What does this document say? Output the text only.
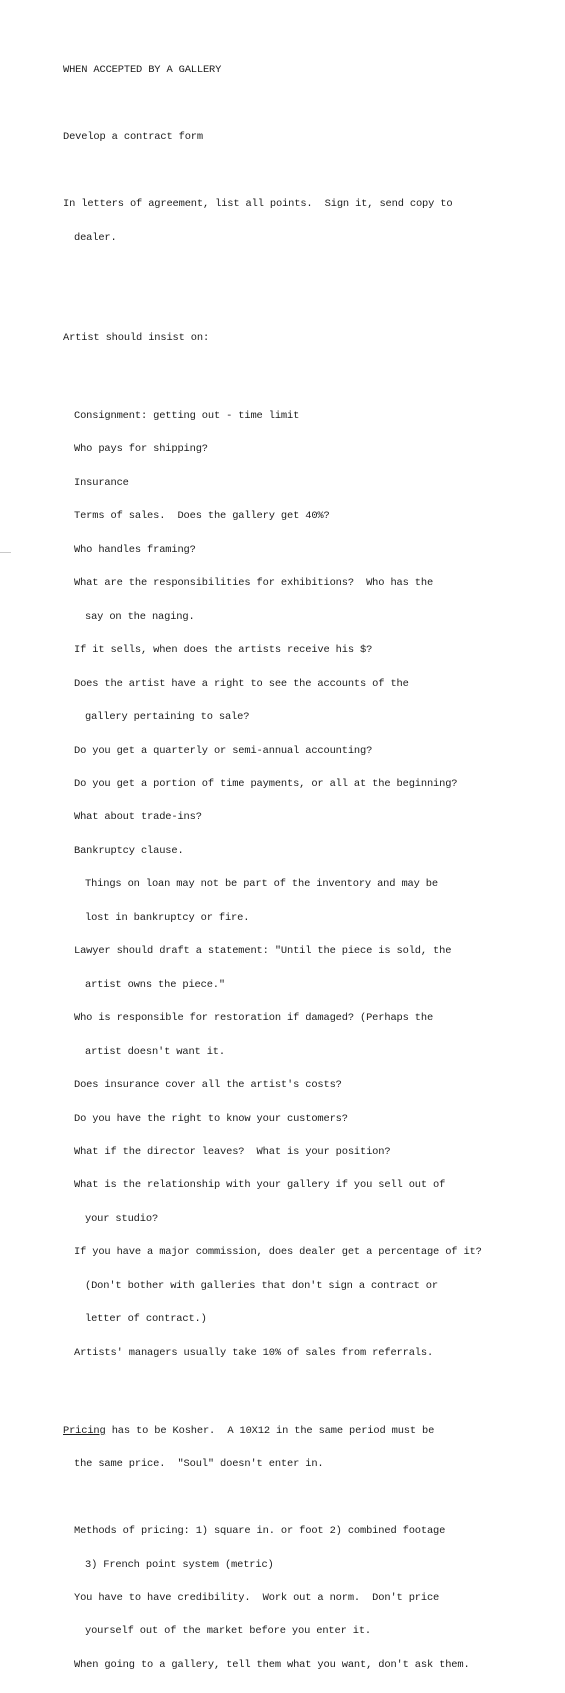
WHEN ACCEPTED BY A GALLERY

Develop a contract form

In letters of agreement, list all points.  Sign it, send copy to

dealer.

Artist should insist on:

Consignment: getting out - time limit

Who pays for shipping?

Insurance

Terms of sales.  Does the gallery get 40%?

Who handles framing?

What are the responsibilities for exhibitions?  Who has the

say on the naging.

If it sells, when does the artists receive his $?

Does the artist have a right to see the accounts of the

gallery pertaining to sale?

Do you get a quarterly or semi-annual accounting?

Do you get a portion of time payments, or all at the beginning?

What about trade-ins?

Bankruptcy clause.

Things on loan may not be part of the inventory and may be

lost in bankruptcy or fire.

Lawyer should draft a statement: "Until the piece is sold, the

artist owns the piece."

Who is responsible for restoration if damaged? (Perhaps the

artist doesn't want it.

Does insurance cover all the artist's costs?

Do you have the right to know your customers?

What if the director leaves?  What is your position?

What is the relationship with your gallery if you sell out of

your studio?

If you have a major commission, does dealer get a percentage of it?

(Don't bother with galleries that don't sign a contract or

letter of contract.)

Artists' managers usually take 10% of sales from referrals.

Pricing has to be Kosher.  A 10X12 in the same period must be

the same price.  "Soul" doesn't enter in.

Methods of pricing: 1) square in. or foot 2) combined footage

3) French point system (metric)

You have to have credibility.  Work out a norm.  Don't price

yourself out of the market before you enter it.

When going to a gallery, tell them what you want, don't ask them.
